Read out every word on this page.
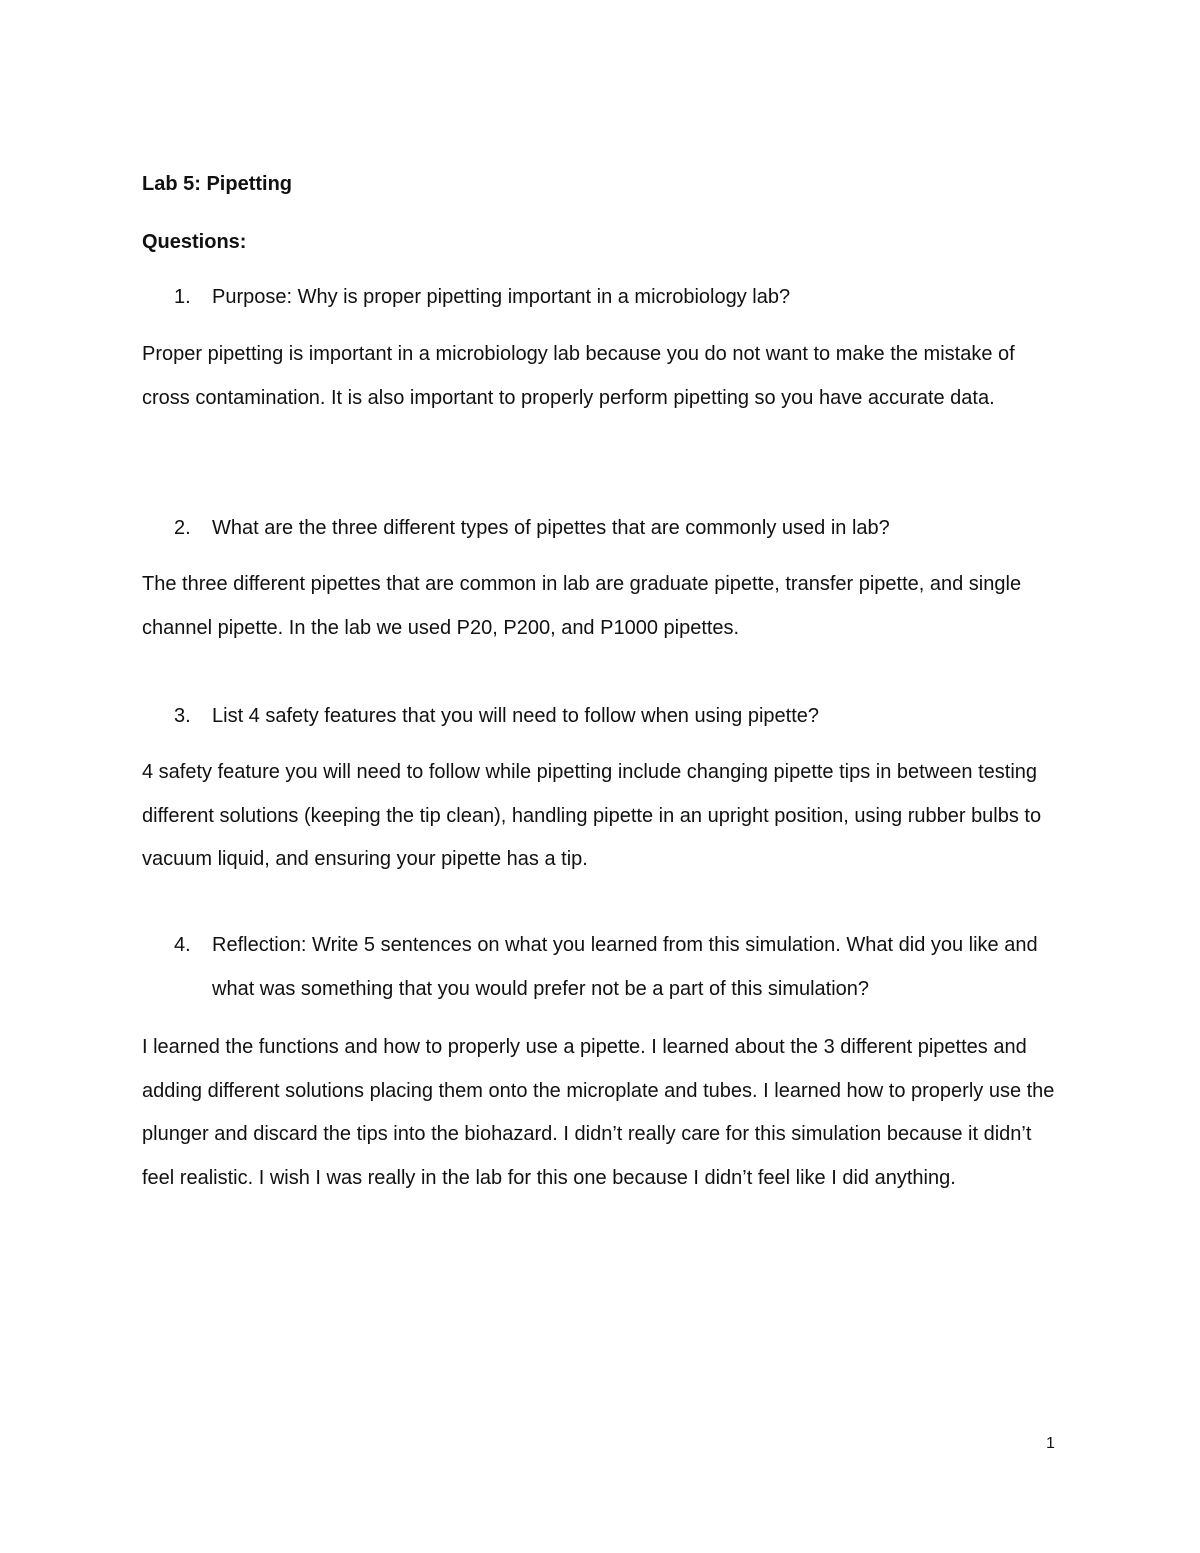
Lab 5: Pipetting
Questions:
1.	Purpose: Why is proper pipetting important in a microbiology lab?
Proper pipetting is important in a microbiology lab because you do not want to make the mistake of cross contamination. It is also important to properly perform pipetting so you have accurate data.
2.	What are the three different types of pipettes that are commonly used in lab?
The three different pipettes that are common in lab are graduate pipette, transfer pipette, and single channel pipette. In the lab we used P20, P200, and P1000 pipettes.
3.	List 4 safety features that you will need to follow when using pipette?
4 safety feature you will need to follow while pipetting include changing pipette tips in between testing different solutions (keeping the tip clean), handling pipette in an upright position, using rubber bulbs to vacuum liquid, and ensuring your pipette has a tip.
4.	Reflection: Write 5 sentences on what you learned from this simulation. What did you like and what was something that you would prefer not be a part of this simulation?
I learned the functions and how to properly use a pipette. I learned about the 3 different pipettes and adding different solutions placing them onto the microplate and tubes. I learned how to properly use the plunger and discard the tips into the biohazard. I didn’t really care for this simulation because it didn’t feel realistic. I wish I was really in the lab for this one because I didn’t feel like I did anything.
1
